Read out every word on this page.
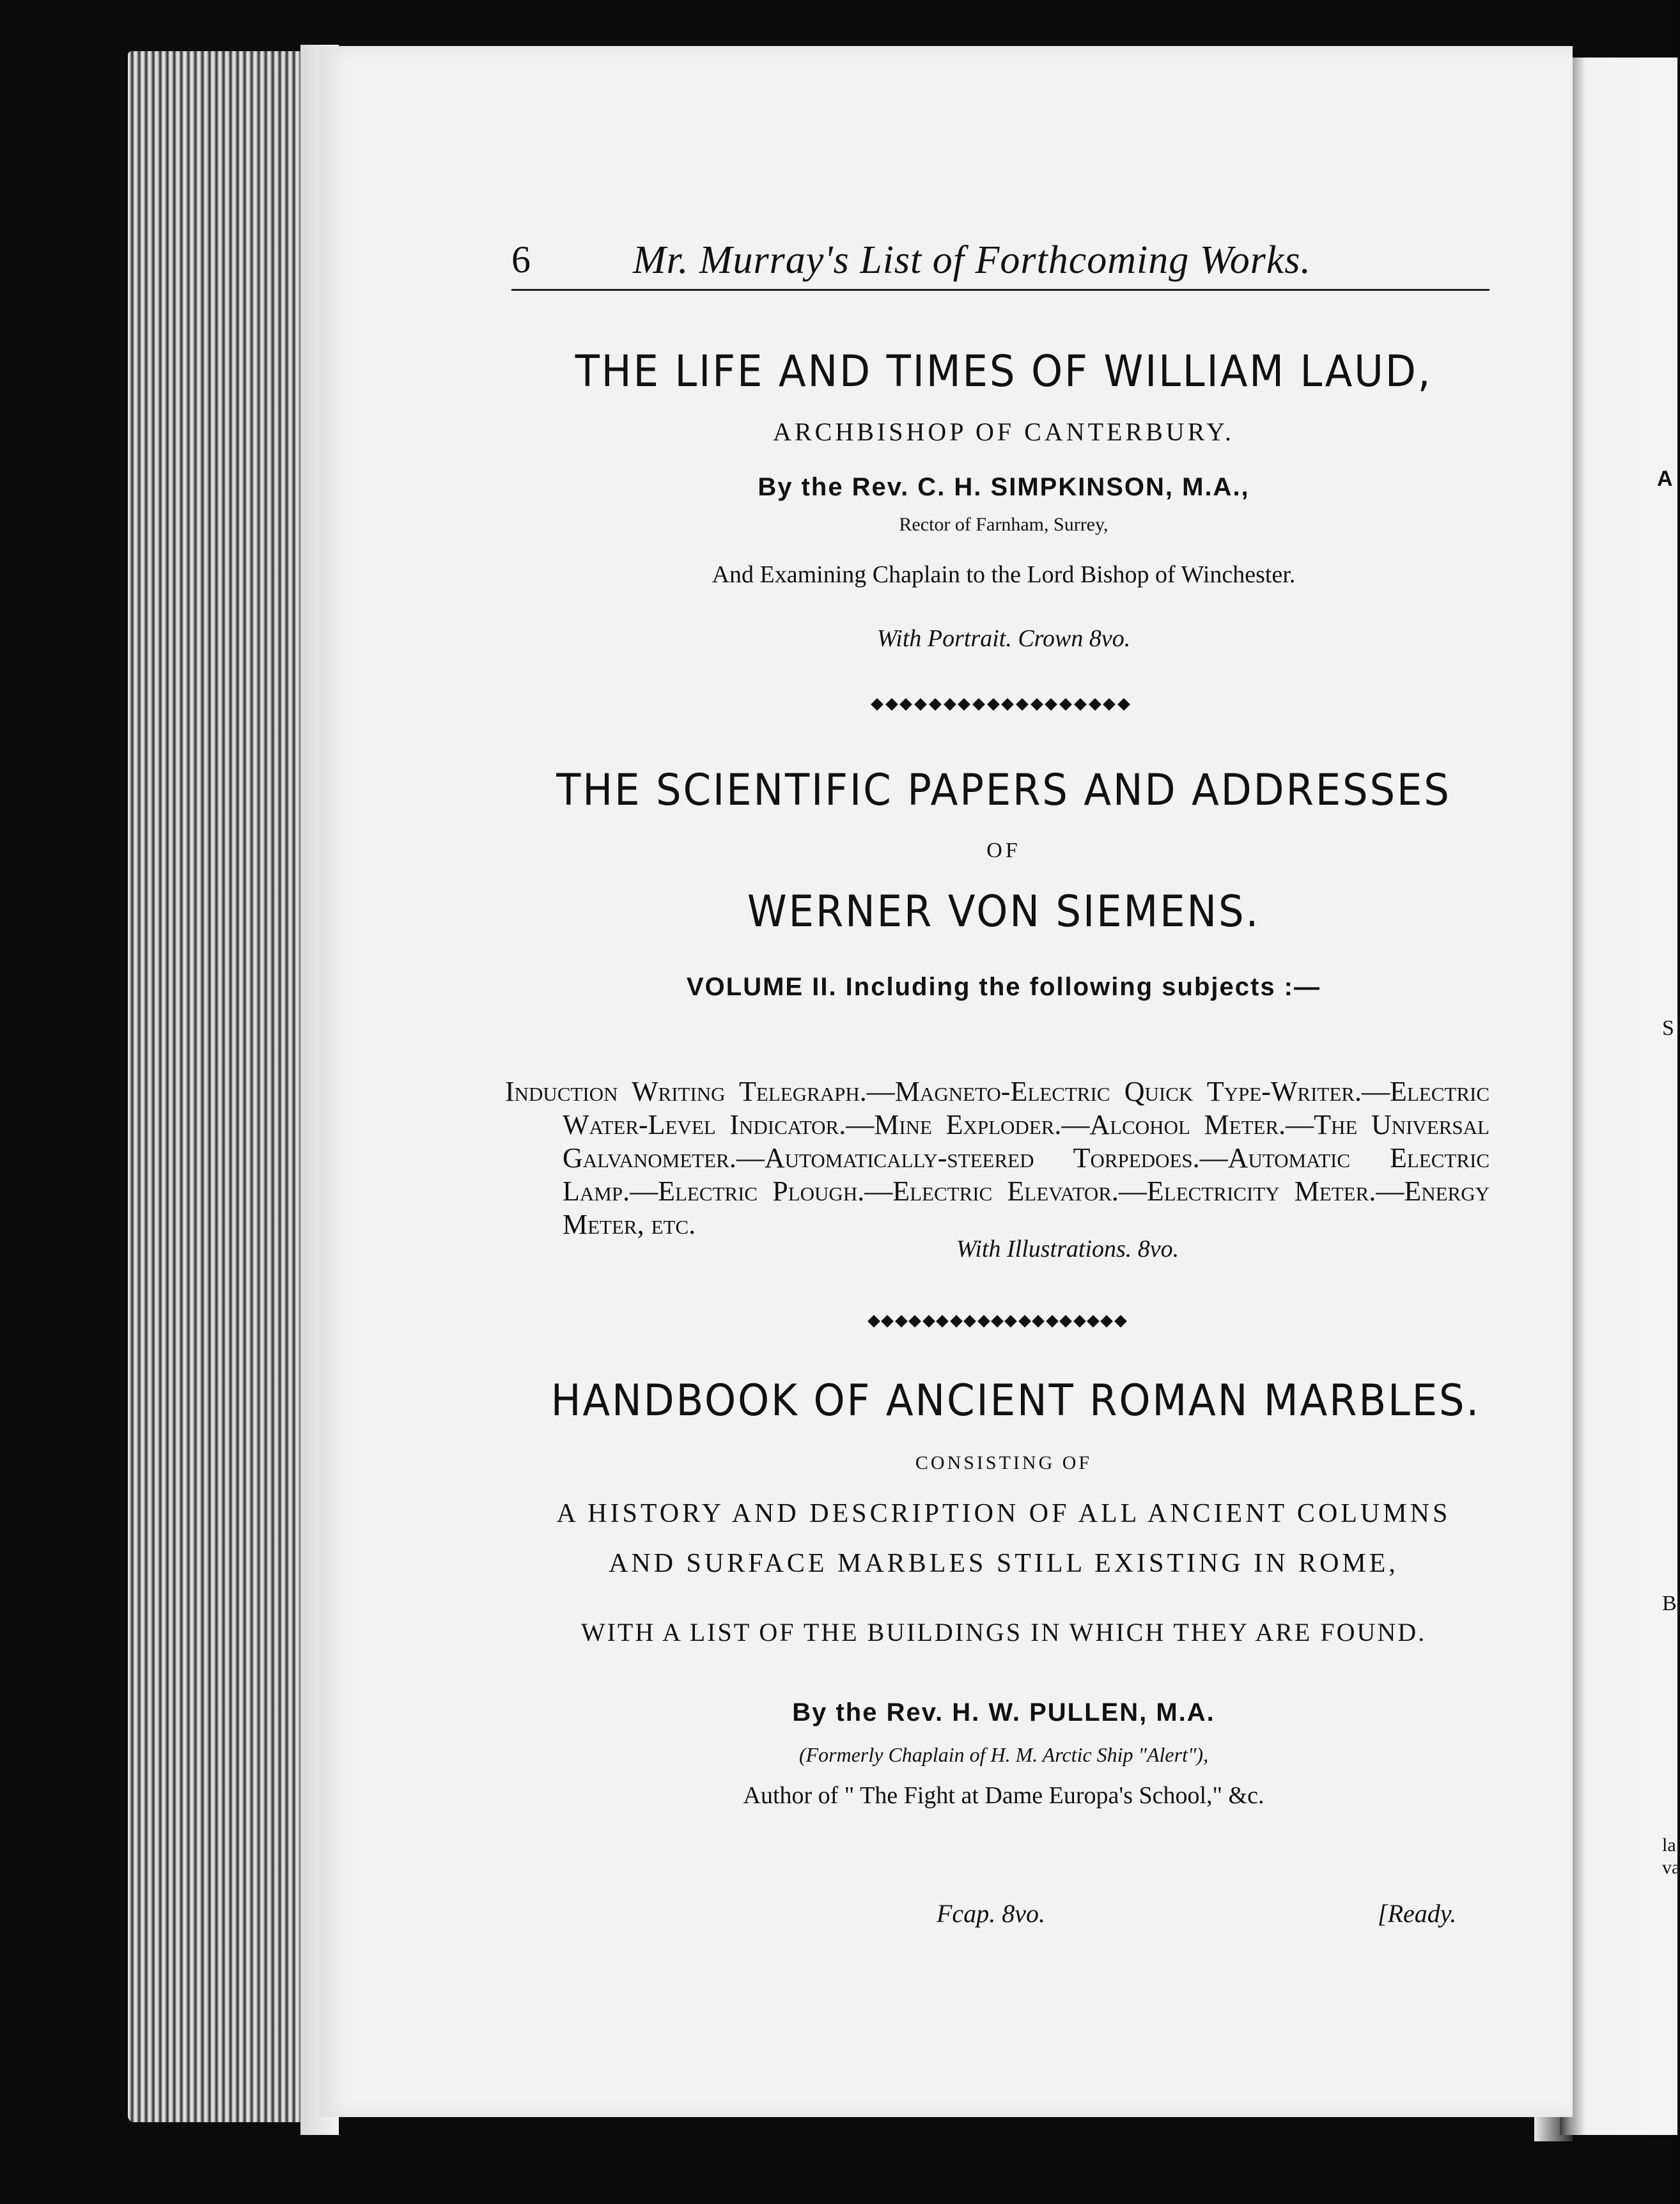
A
S
B
la
va
6	Mr. Murray's List of Forthcoming Works.
THE LIFE AND TIMES OF WILLIAM LAUD,
ARCHBISHOP OF CANTERBURY.
By the Rev. C. H. SIMPKINSON, M.A.,
Rector of Farnham, Surrey,
And Examining Chaplain to the Lord Bishop of Winchester.
With Portrait. Crown 8vo.
THE SCIENTIFIC PAPERS AND ADDRESSES
OF
WERNER VON SIEMENS.
VOLUME II. Including the following subjects :—
Induction Writing Telegraph.—Magneto-Electric Quick Type-Writer.—Electric Water-Level Indicator.—Mine Exploder.—Alcohol Meter.—The Universal Galvanometer.—Automatically-steered Torpedoes.—Automatic Electric Lamp.—Electric Plough.—Electric Elevator.—Electricity Meter.—Energy Meter, etc.
With Illustrations. 8vo.
HANDBOOK OF ANCIENT ROMAN MARBLES.
CONSISTING OF
A HISTORY AND DESCRIPTION OF ALL ANCIENT COLUMNS
AND SURFACE MARBLES STILL EXISTING IN ROME,
WITH A LIST OF THE BUILDINGS IN WHICH THEY ARE FOUND.
By the Rev. H. W. PULLEN, M.A.
(Formerly Chaplain of H. M. Arctic Ship "Alert"),
Author of " The Fight at Dame Europa's School," &c.
Fcap. 8vo.	[Ready.
